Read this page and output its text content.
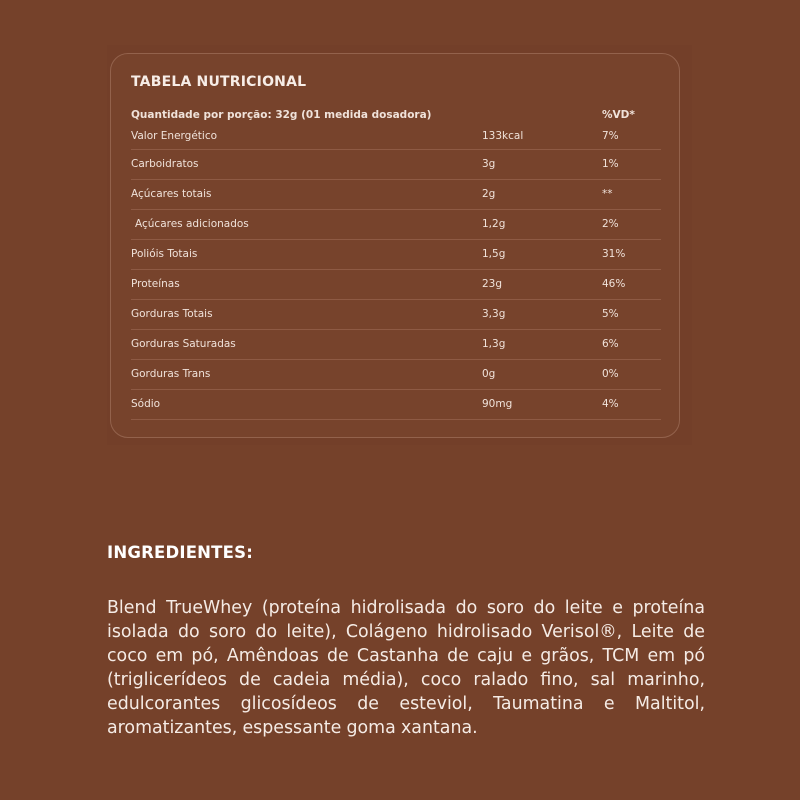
TABELA NUTRICIONAL
Quantidade por porção: 32g (01 medida dosadora)	%VD*
Valor Energético	133kcal	7%
Carboidratos	3g	1%
Açúcares totais	2g	**
Açúcares adicionados	1,2g	2%
Polióis Totais	1,5g	31%
Proteínas	23g	46%
Gorduras Totais	3,3g	5%
Gorduras Saturadas	1,3g	6%
Gorduras Trans	0g	0%
Sódio	90mg	4%
INGREDIENTES:
Blend TrueWhey (proteína hidrolisada do soro do leite e proteína isolada do soro do leite), Colágeno hidrolisado Verisol®, Leite de coco em pó, Amêndoas de Castanha de caju e grãos, TCM em pó (triglicerídeos de cadeia média), coco ralado fino, sal marinho, edulcorantes glicosídeos de esteviol, Taumatina e Maltitol, aromatizantes, espessante goma xantana.
